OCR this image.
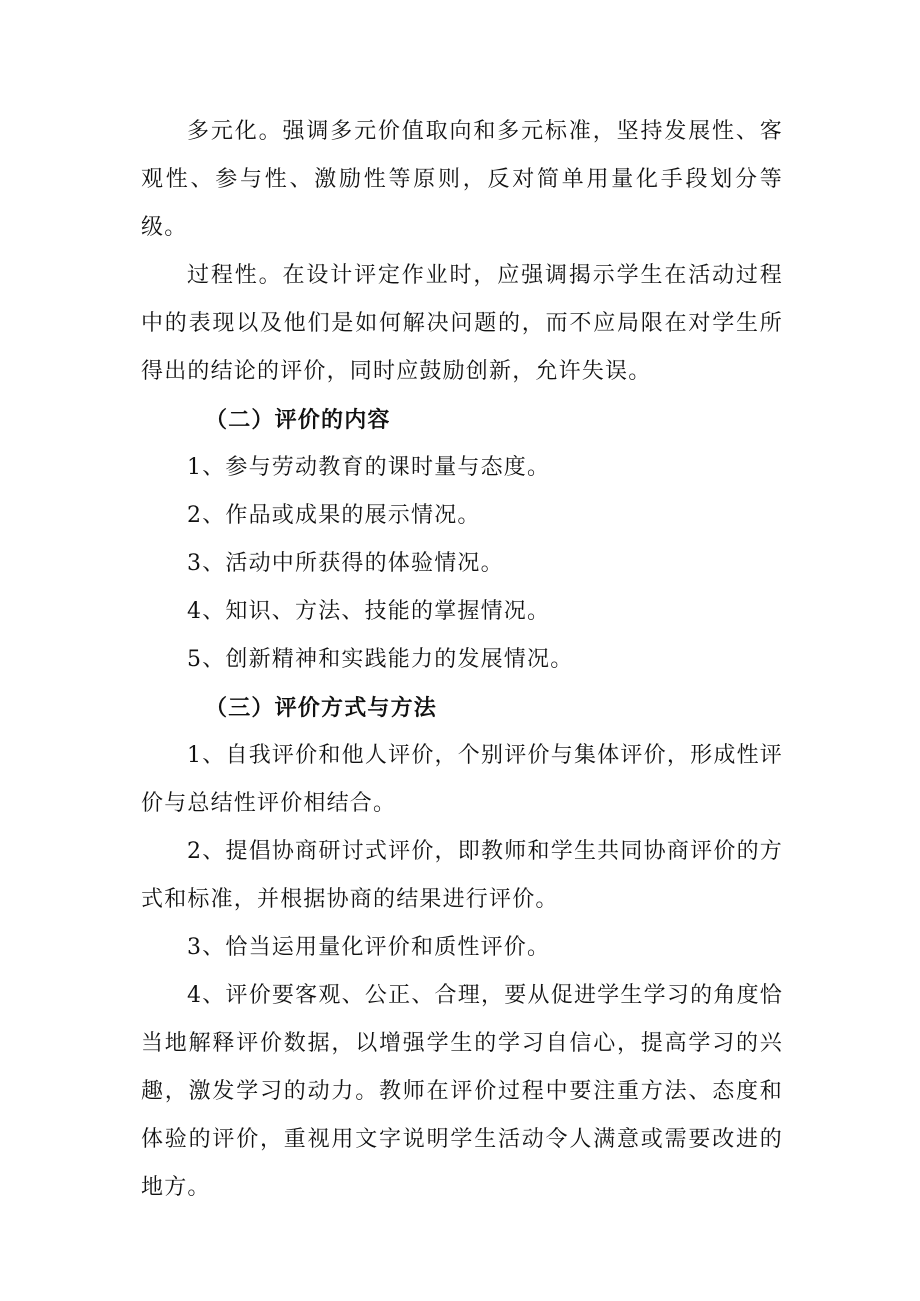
多元化。强调多元价值取向和多元标准，坚持发展性、客观性、参与性、激励性等原则，反对简单用量化手段划分等级。

过程性。在设计评定作业时，应强调揭示学生在活动过程中的表现以及他们是如何解决问题的，而不应局限在对学生所得出的结论的评价，同时应鼓励创新，允许失误。

（二）评价的内容

1、参与劳动教育的课时量与态度。

2、作品或成果的展示情况。

3、活动中所获得的体验情况。

4、知识、方法、技能的掌握情况。

5、创新精神和实践能力的发展情况。

（三）评价方式与方法

1、自我评价和他人评价，个别评价与集体评价，形成性评价与总结性评价相结合。

2、提倡协商研讨式评价，即教师和学生共同协商评价的方式和标准，并根据协商的结果进行评价。

3、恰当运用量化评价和质性评价。

4、评价要客观、公正、合理，要从促进学生学习的角度恰当地解释评价数据，以增强学生的学习自信心，提高学习的兴趣，激发学习的动力。教师在评价过程中要注重方法、态度和体验的评价，重视用文字说明学生活动令人满意或需要改进的地方。
